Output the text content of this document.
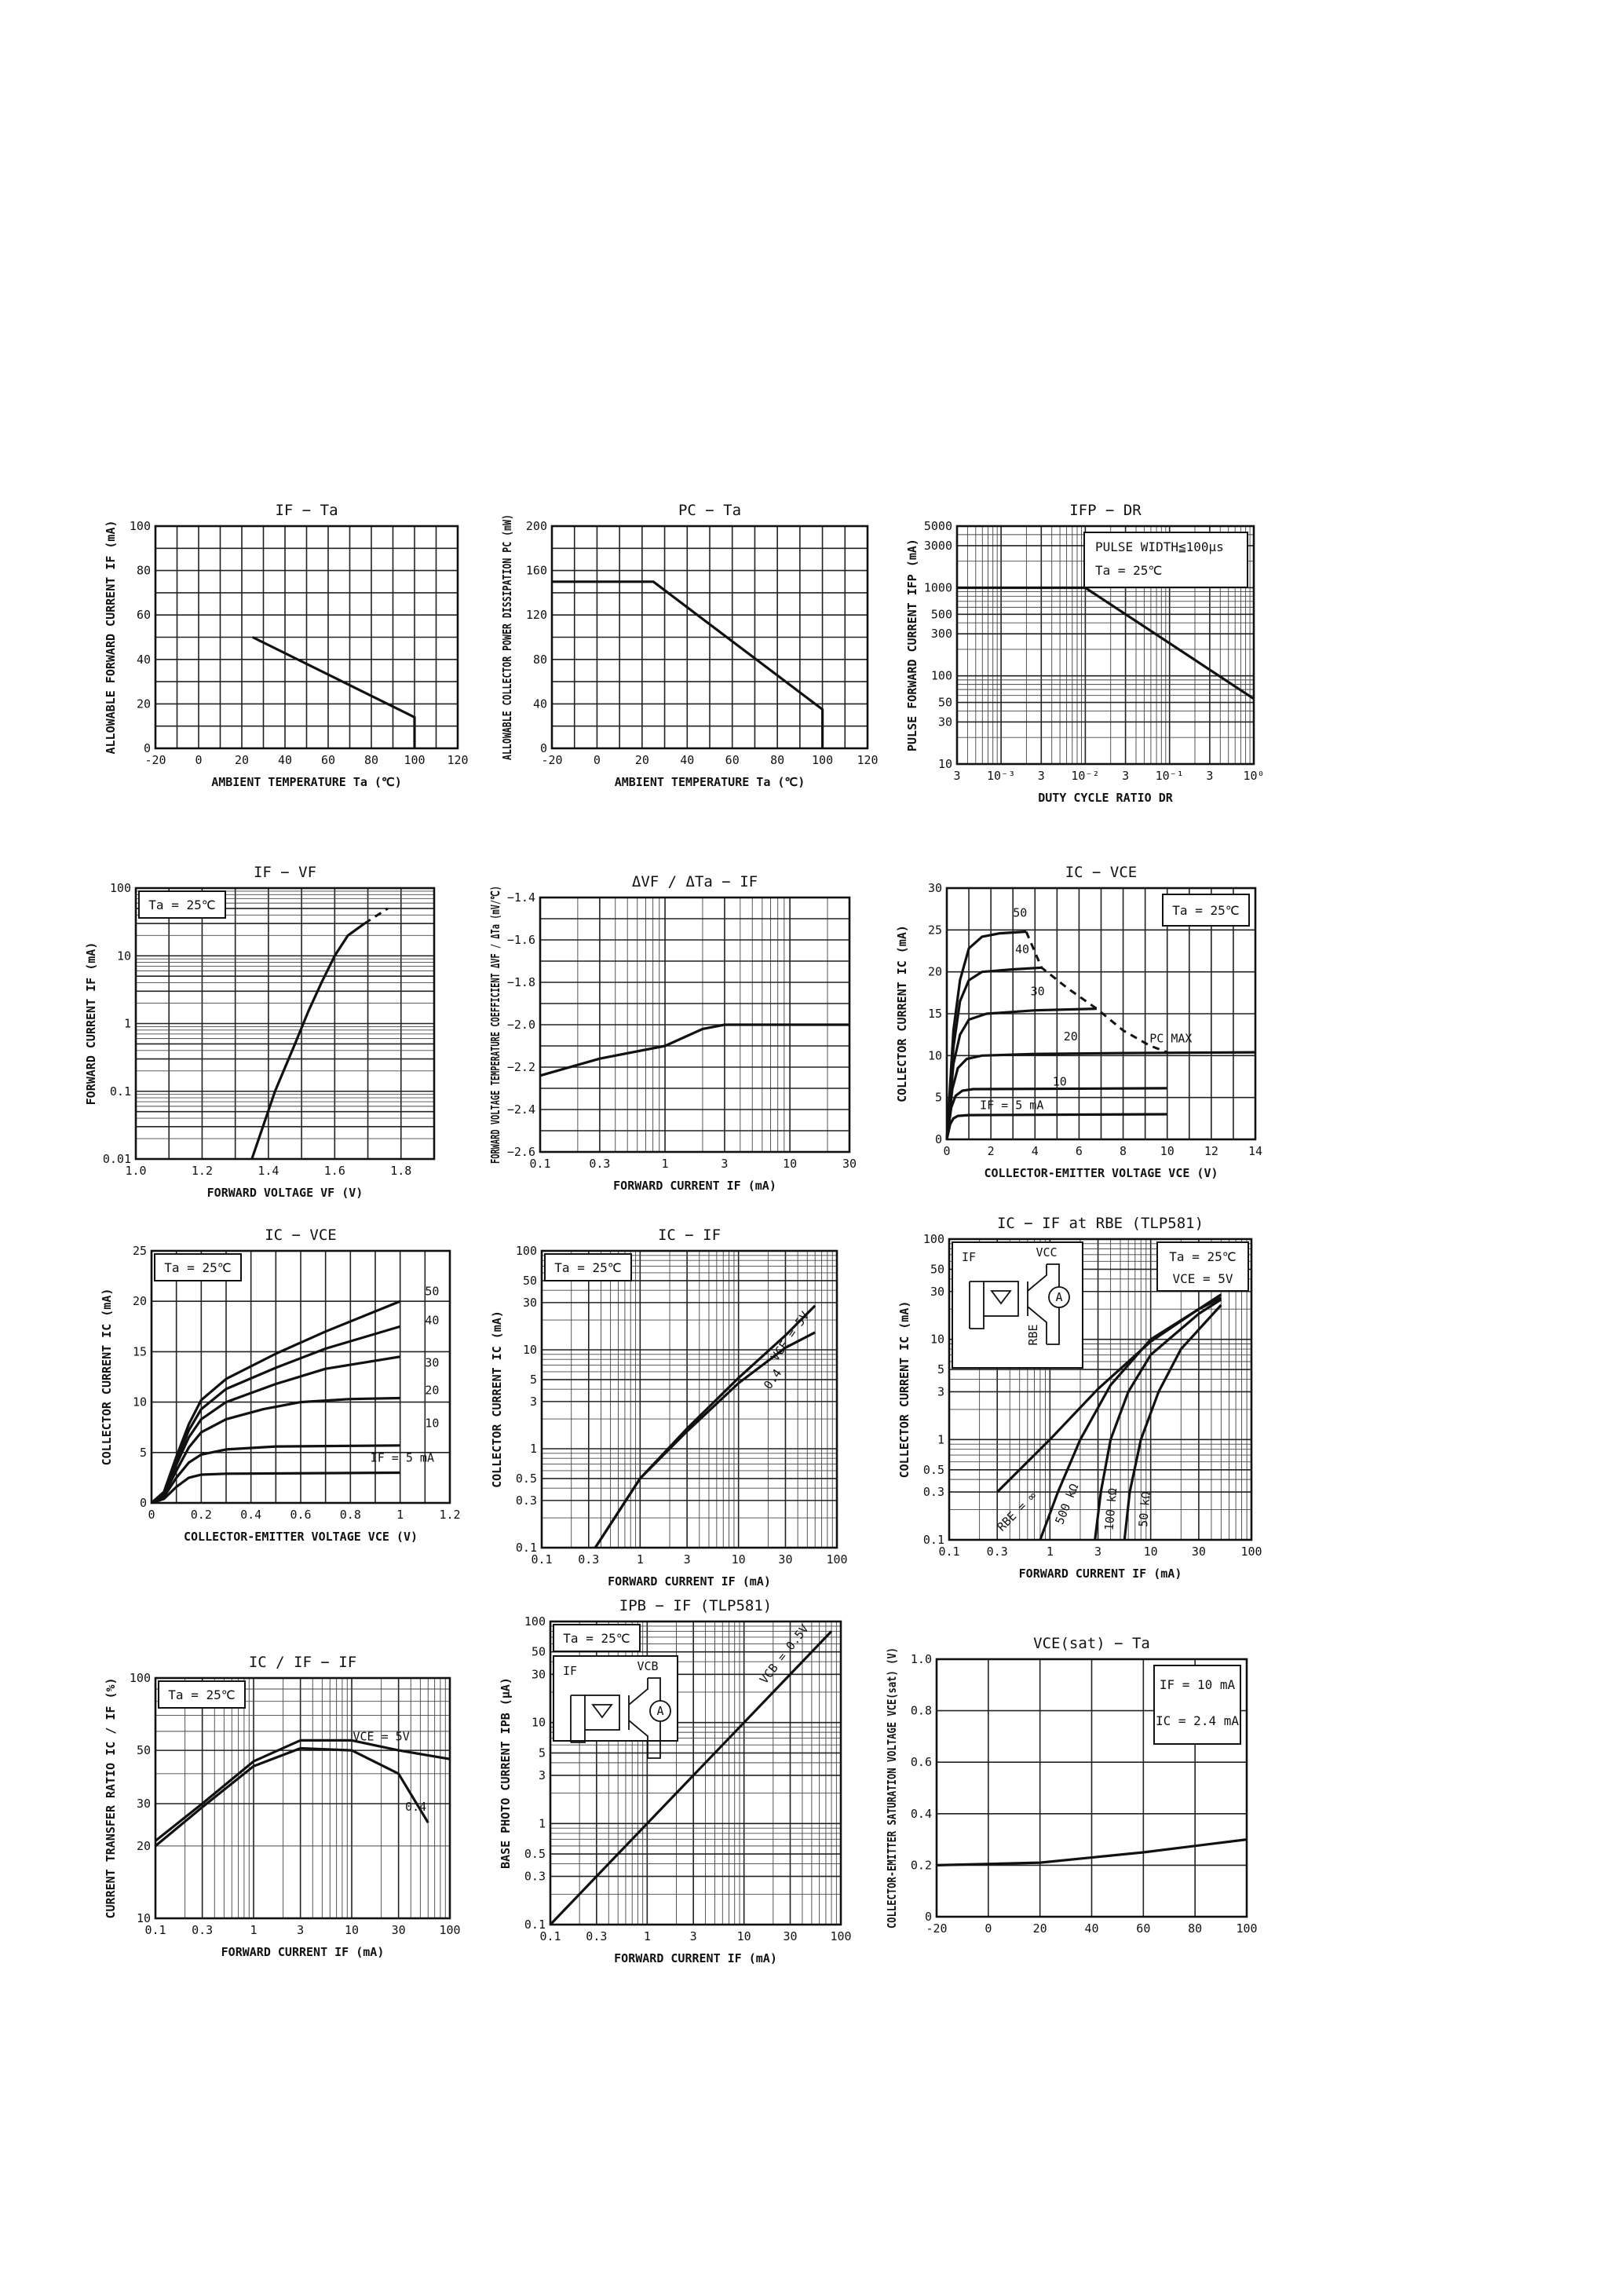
-20 0	20 40 60 80 100 120
0
20
40
60
80
100
IF − Ta
AMBIENT TEMPERATURE Ta (℃)
ALLOWABLE FORWARD CURRENT IF (mA)
-20	0	20	40	60	80 100 120
0
40
80
120
160
200
PC − Ta
AMBIENT TEMPERATURE Ta (℃)
ALLOWABLE COLLECTOR POWER DISSIPATION PC (mW)
3 10⁻³ 3 10⁻² 3 10⁻¹ 3	10⁰
10
30
50
100
300
500
1000
3000
5000
IFP − DR
DUTY CYCLE RATIO DR
PULSE FORWARD CURRENT IFP (mA)	PULSE WIDTH≦100μs
Ta = 25℃
1.0	1.2	1.4	1.6	1.8
0.01
0.1
1
10
100
IF − VF
FORWARD VOLTAGE VF (V)
FORWARD CURRENT IF (mA)
Ta = 25℃
0.1	0.3	1	3	10	30
−2.6
−2.4
−2.2
−2.0
−1.8
−1.6
−1.4
ΔVF / ΔTa − IF
FORWARD CURRENT IF (mA)
FORWARD VOLTAGE TEMPERATURE COEFFICIENT ΔVF / ΔTa (mV/℃)	0	2	4	6	8	10	12	14
0
5
10
15
20
25
30
IC − VCE
COLLECTOR-EMITTER VOLTAGE VCE (V)
COLLECTOR CURRENT IC (mA)
IF = 5 mA
10
20
30
40
50	Ta = 25℃
PC MAX
0	0.2 0.4 0.6 0.8	1	1.2
0
5
10
15
20
25
IC − VCE
COLLECTOR-EMITTER VOLTAGE VCE (V)
COLLECTOR CURRENT IC (mA)	IF = 5 mA
10
20
30
40
50
Ta = 25℃
0.1 0.3	1	3	10	30	100
0.1
0.3
0.5
1
3
5
10
30
50
100
IC − IF
FORWARD CURRENT IF (mA)
COLLECTOR CURRENT IC (mA)	VCE = 5V
0.4
Ta = 25℃
0.1 0.3	1	3	10	30	100
0.1
0.3
0.5
1
3
5
10
30
50
100
IC − IF at RBE (TLP581)
FORWARD CURRENT IF (mA)
COLLECTOR CURRENT IC (mA)
RBE = ∞ 500 kΩ 100 kΩ 50 kΩ
Ta = 25℃
VCE = 5V
IF	VCC
RBE
A
0.1 0.3	1	3	10	30	100
10
20
30
50
100
IC / IF − IF
FORWARD CURRENT IF (mA)
CURRENT TRANSFER RATIO IC / IF (%)	VCE = 5V
0.4
Ta = 25℃
0.1 0.3	1	3	10	30	100
0.1
0.3
0.5
1
3
5
10
30
50
100
IPB − IF (TLP581)
FORWARD CURRENT IF (mA)
BASE PHOTO CURRENT IPB (μA)
VCB = 0.5V
Ta = 25℃
IF	VCB
A
-20	0	20	40	60	80	100
0
0.2
0.4
0.6
0.8
1.0
VCE(sat) − Ta
COLLECTOR-EMITTER SATURATION VOLTAGE VCE(sat) (V)	IF = 10 mA
IC = 2.4 mA
